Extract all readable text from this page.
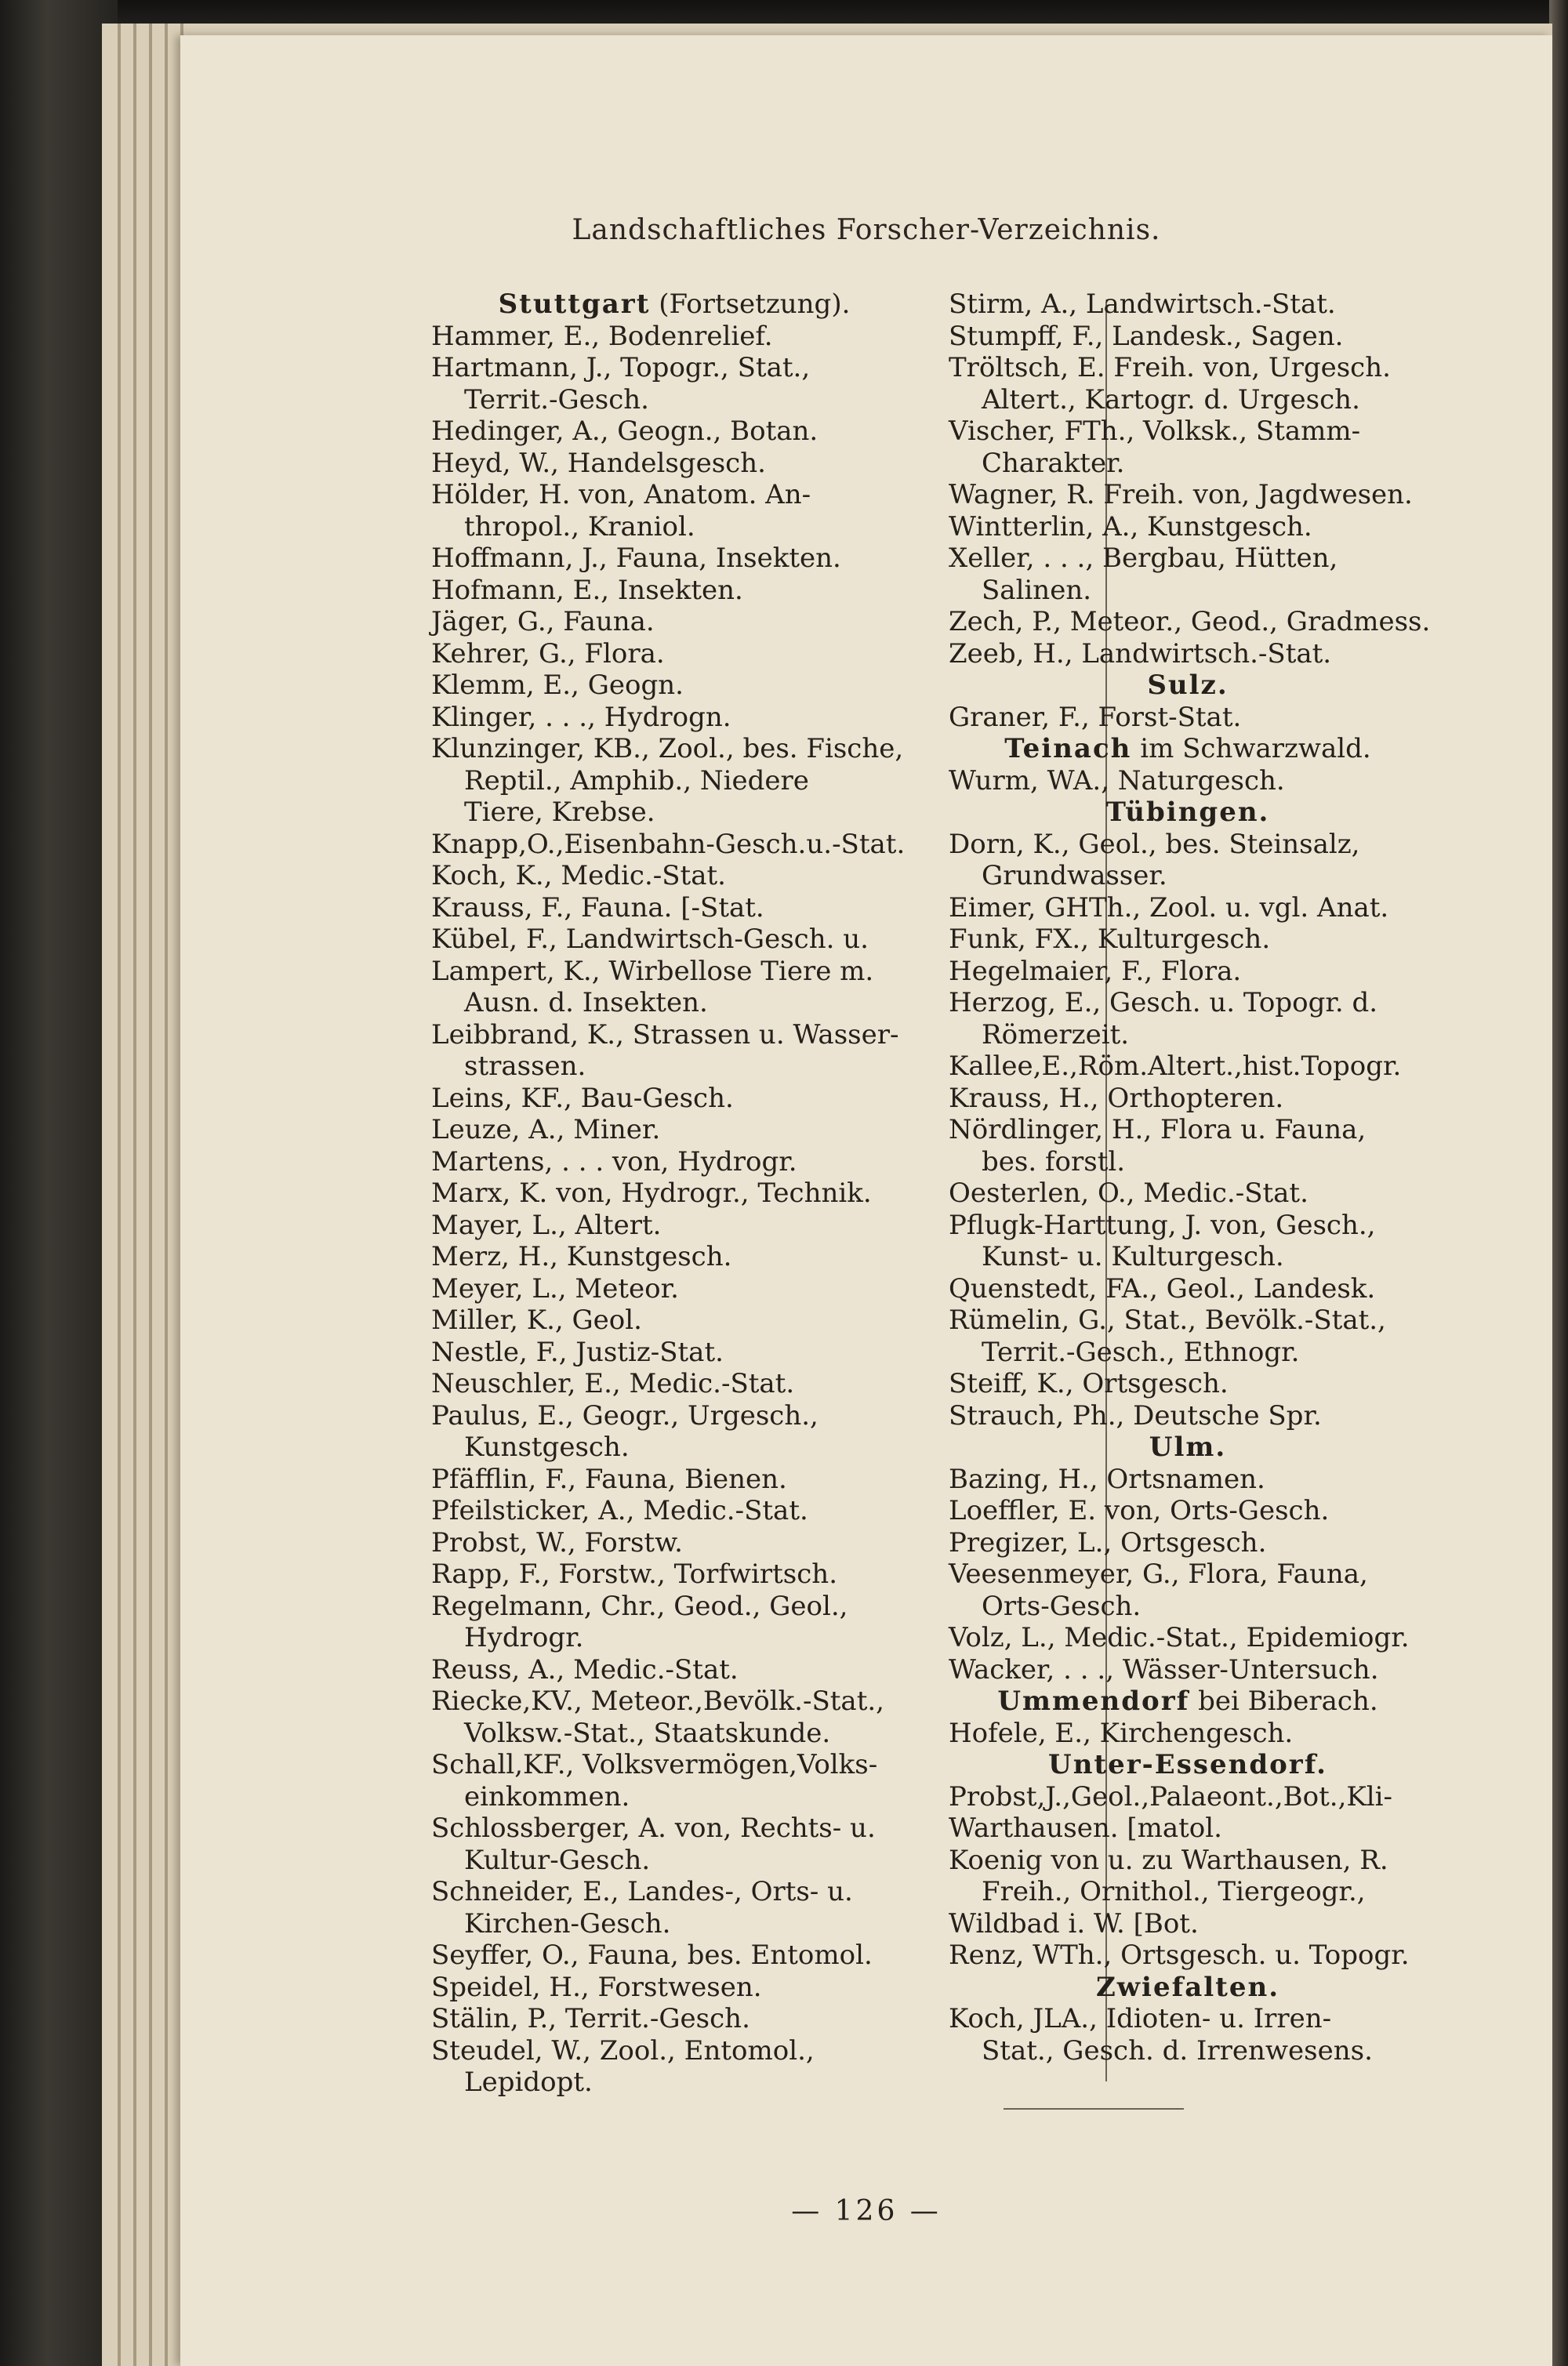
Landschaftliches Forscher-Verzeichnis.
Stuttgart (Fortsetzung).
Hammer, E., Bodenrelief.
Hartmann, J., Topogr., Stat.,
Territ.-Gesch.
Hedinger, A., Geogn., Botan.
Heyd, W., Handelsgesch.
Hölder, H. von, Anatom. An-
thropol., Kraniol.
Hoffmann, J., Fauna, Insekten.
Hofmann, E., Insekten.
Jäger, G., Fauna.
Kehrer, G., Flora.
Klemm, E., Geogn.
Klinger, . . ., Hydrogn.
Klunzinger, KB., Zool., bes. Fische,
Reptil., Amphib., Niedere
Tiere, Krebse.
Knapp,O.,Eisenbahn-Gesch.u.-Stat.
Koch, K., Medic.-Stat.
Krauss, F., Fauna. [-Stat.
Kübel, F., Landwirtsch-Gesch. u.
Lampert, K., Wirbellose Tiere m.
Ausn. d. Insekten.
Leibbrand, K., Strassen u. Wasser-
strassen.
Leins, KF., Bau-Gesch.
Leuze, A., Miner.
Martens, . . . von, Hydrogr.
Marx, K. von, Hydrogr., Technik.
Mayer, L., Altert.
Merz, H., Kunstgesch.
Meyer, L., Meteor.
Miller, K., Geol.
Nestle, F., Justiz-Stat.
Neuschler, E., Medic.-Stat.
Paulus, E., Geogr., Urgesch.,
Kunstgesch.
Pfäfflin, F., Fauna, Bienen.
Pfeilsticker, A., Medic.-Stat.
Probst, W., Forstw.
Rapp, F., Forstw., Torfwirtsch.
Regelmann, Chr., Geod., Geol.,
Hydrogr.
Reuss, A., Medic.-Stat.
Riecke,KV., Meteor.,Bevölk.-Stat.,
Volksw.-Stat., Staatskunde.
Schall,KF., Volksvermögen,Volks-
einkommen.
Schlossberger, A. von, Rechts- u.
Kultur-Gesch.
Schneider, E., Landes-, Orts- u.
Kirchen-Gesch.
Seyffer, O., Fauna, bes. Entomol.
Speidel, H., Forstwesen.
Stälin, P., Territ.-Gesch.
Steudel, W., Zool., Entomol.,
Lepidopt.
Stirm, A., Landwirtsch.-Stat.
Stumpff, F., Landesk., Sagen.
Tröltsch, E. Freih. von, Urgesch.
Altert., Kartogr. d. Urgesch.
Vischer, FTh., Volksk., Stamm-
Charakter.
Wagner, R. Freih. von, Jagdwesen.
Wintterlin, A., Kunstgesch.
Xeller, . . ., Bergbau, Hütten,
Salinen.
Zech, P., Meteor., Geod., Gradmess.
Zeeb, H., Landwirtsch.-Stat.
Sulz.
Graner, F., Forst-Stat.
Teinach im Schwarzwald.
Wurm, WA., Naturgesch.
Tübingen.
Dorn, K., Geol., bes. Steinsalz,
Grundwasser.
Eimer, GHTh., Zool. u. vgl. Anat.
Funk, FX., Kulturgesch.
Hegelmaier, F., Flora.
Herzog, E., Gesch. u. Topogr. d.
Römerzeit.
Kallee,E.,Röm.Altert.,hist.Topogr.
Krauss, H., Orthopteren.
Nördlinger, H., Flora u. Fauna,
bes. forstl.
Oesterlen, O., Medic.-Stat.
Pflugk-Harttung, J. von, Gesch.,
Kunst- u. Kulturgesch.
Quenstedt, FA., Geol., Landesk.
Rümelin, G., Stat., Bevölk.-Stat.,
Territ.-Gesch., Ethnogr.
Steiff, K., Ortsgesch.
Strauch, Ph., Deutsche Spr.
Ulm.
Bazing, H., Ortsnamen.
Loeffler, E. von, Orts-Gesch.
Pregizer, L., Ortsgesch.
Veesenmeyer, G., Flora, Fauna,
Orts-Gesch.
Volz, L., Medic.-Stat., Epidemiogr.
Wacker, . . ., Wässer-Untersuch.
Ummendorf bei Biberach.
Hofele, E., Kirchengesch.
Unter-Essendorf.
Probst,J.,Geol.,Palaeont.,Bot.,Kli-
Warthausen. [matol.
Koenig von u. zu Warthausen, R.
Freih., Ornithol., Tiergeogr.,
Wildbad i. W. [Bot.
Renz, WTh., Ortsgesch. u. Topogr.
Zwiefalten.
Koch, JLA., Idioten- u. Irren-
Stat., Gesch. d. Irrenwesens.
— 126 —
